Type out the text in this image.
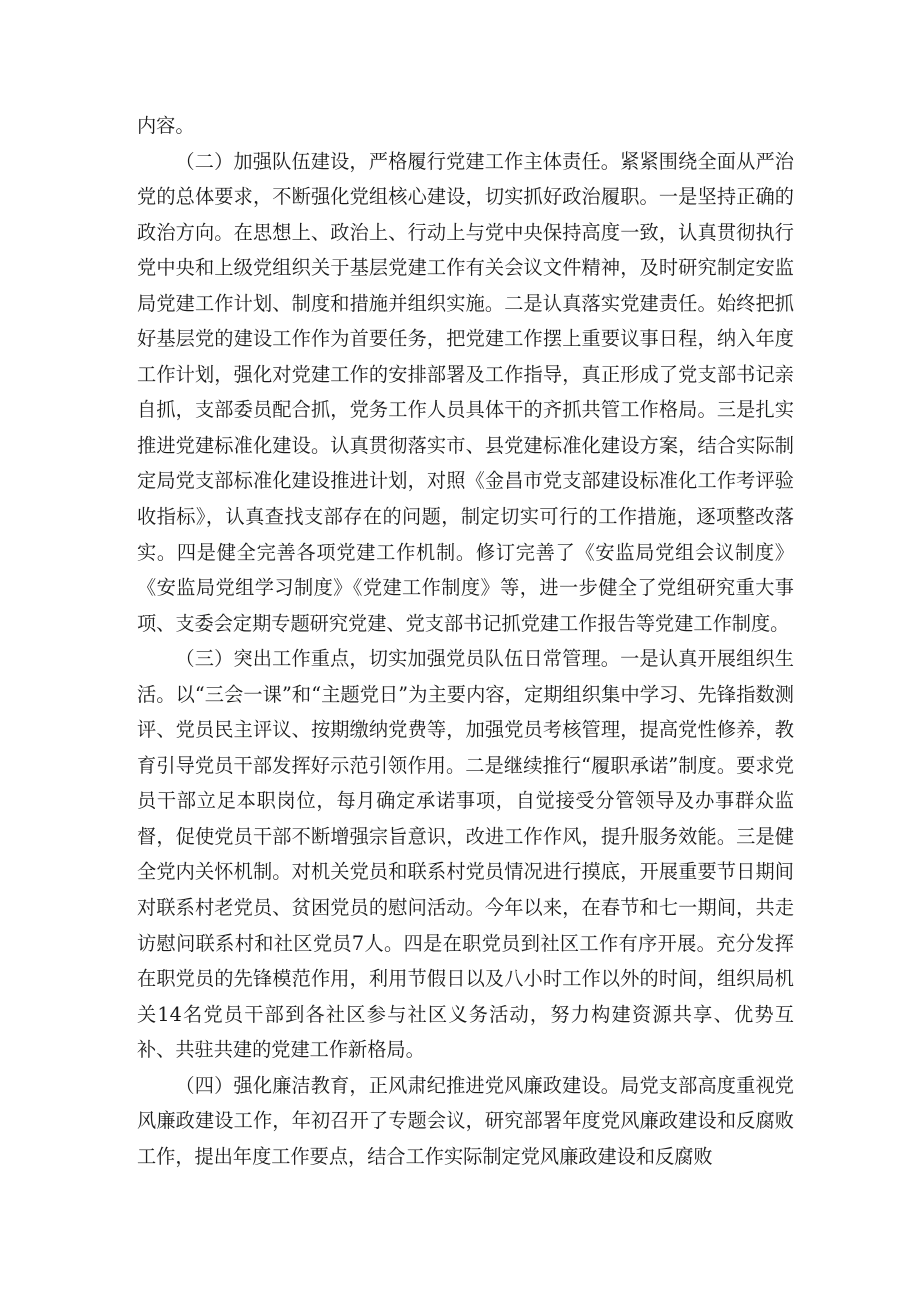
内容。

（二）加强队伍建设，严格履行党建工作主体责任。紧紧围绕全面从严治党的总体要求，不断强化党组核心建设，切实抓好政治履职。一是坚持正确的政治方向。在思想上、政治上、行动上与党中央保持高度一致，认真贯彻执行党中央和上级党组织关于基层党建工作有关会议文件精神，及时研究制定安监局党建工作计划、制度和措施并组织实施。二是认真落实党建责任。始终把抓好基层党的建设工作作为首要任务，把党建工作摆上重要议事日程，纳入年度工作计划，强化对党建工作的安排部署及工作指导，真正形成了党支部书记亲自抓，支部委员配合抓，党务工作人员具体干的齐抓共管工作格局。三是扎实推进党建标准化建设。认真贯彻落实市、县党建标准化建设方案，结合实际制定局党支部标准化建设推进计划，对照《金昌市党支部建设标准化工作考评验收指标》，认真查找支部存在的问题，制定切实可行的工作措施，逐项整改落实。四是健全完善各项党建工作机制。修订完善了《安监局党组会议制度》《安监局党组学习制度》《党建工作制度》等，进一步健全了党组研究重大事项、支委会定期专题研究党建、党支部书记抓党建工作报告等党建工作制度。

（三）突出工作重点，切实加强党员队伍日常管理。一是认真开展组织生活。以“三会一课”和“主题党日”为主要内容，定期组织集中学习、先锋指数测评、党员民主评议、按期缴纳党费等，加强党员考核管理，提高党性修养，教育引导党员干部发挥好示范引领作用。二是继续推行“履职承诺”制度。要求党员干部立足本职岗位，每月确定承诺事项，自觉接受分管领导及办事群众监督，促使党员干部不断增强宗旨意识，改进工作作风，提升服务效能。三是健全党内关怀机制。对机关党员和联系村党员情况进行摸底，开展重要节日期间对联系村老党员、贫困党员的慰问活动。今年以来，在春节和七一期间，共走访慰问联系村和社区党员7人。四是在职党员到社区工作有序开展。充分发挥在职党员的先锋模范作用，利用节假日以及八小时工作以外的时间，组织局机关14名党员干部到各社区参与社区义务活动，努力构建资源共享、优势互补、共驻共建的党建工作新格局。

（四）强化廉洁教育，正风肃纪推进党风廉政建设。局党支部高度重视党风廉政建设工作，年初召开了专题会议，研究部署年度党风廉政建设和反腐败工作，提出年度工作要点，结合工作实际制定党风廉政建设和反腐败
